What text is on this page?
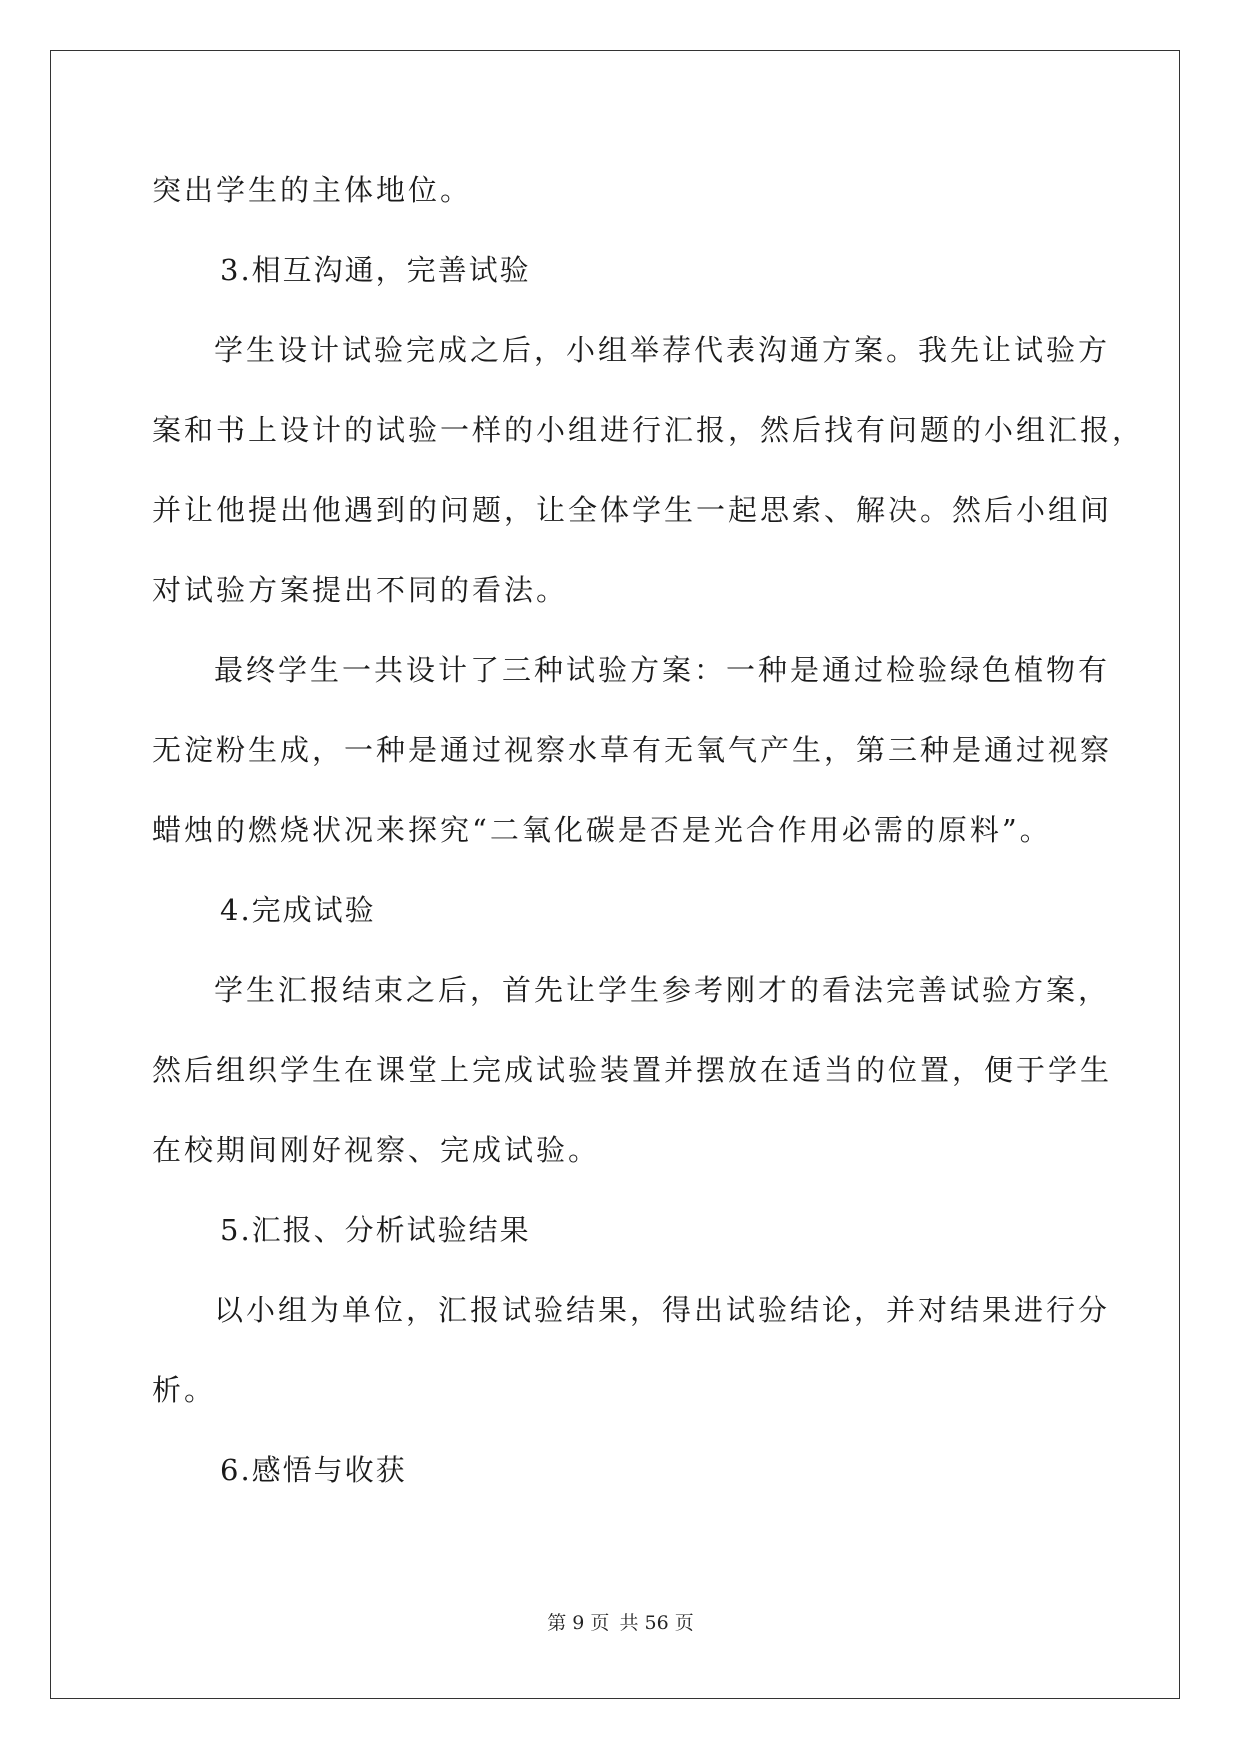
突出学生的主体地位。
3.相互沟通，完善试验
学生设计试验完成之后，小组举荐代表沟通方案。我先让试验方
案和书上设计的试验一样的小组进行汇报，然后找有问题的小组汇报，
并让他提出他遇到的问题，让全体学生一起思索、解决。然后小组间
对试验方案提出不同的看法。
最终学生一共设计了三种试验方案：一种是通过检验绿色植物有
无淀粉生成，一种是通过视察水草有无氧气产生，第三种是通过视察
蜡烛的燃烧状况来探究“二氧化碳是否是光合作用必需的原料”。
4.完成试验
学生汇报结束之后，首先让学生参考刚才的看法完善试验方案，
然后组织学生在课堂上完成试验装置并摆放在适当的位置，便于学生
在校期间刚好视察、完成试验。
5.汇报、分析试验结果
以小组为单位，汇报试验结果，得出试验结论，并对结果进行分
析。
6.感悟与收获
第 9 页 共 56 页
